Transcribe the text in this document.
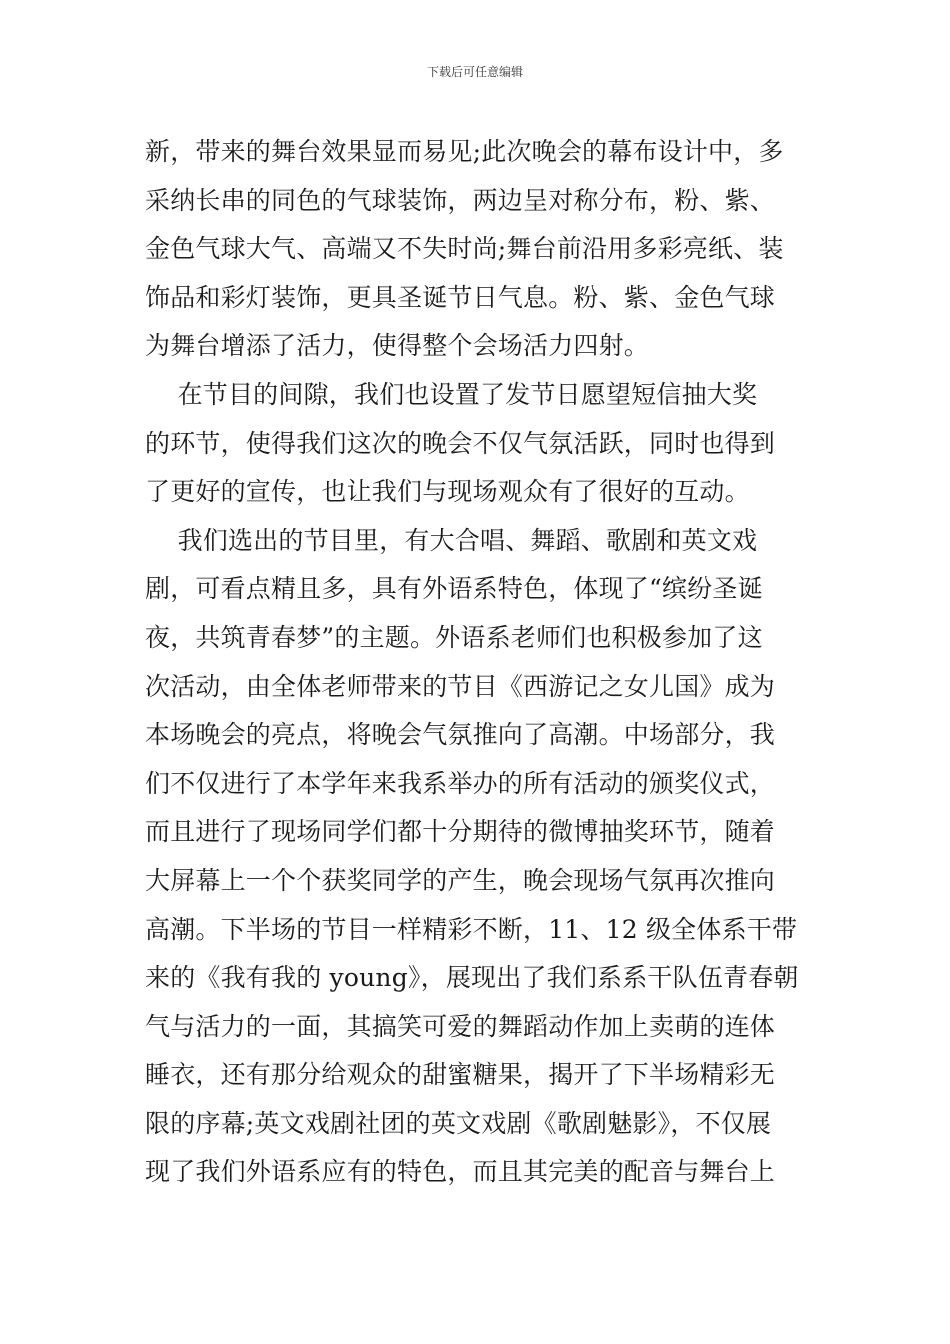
下载后可任意编辑
新，带来的舞台效果显而易见;此次晚会的幕布设计中，多
采纳长串的同色的气球装饰，两边呈对称分布，粉、紫、
金色气球大气、高端又不失时尚;舞台前沿用多彩亮纸、装
饰品和彩灯装饰，更具圣诞节日气息。粉、紫、金色气球
为舞台增添了活力，使得整个会场活力四射。
在节目的间隙，我们也设置了发节日愿望短信抽大奖
的环节，使得我们这次的晚会不仅气氛活跃，同时也得到
了更好的宣传，也让我们与现场观众有了很好的互动。
我们选出的节目里，有大合唱、舞蹈、歌剧和英文戏
剧，可看点精且多，具有外语系特色，体现了“缤纷圣诞
夜，共筑青春梦”的主题。外语系老师们也积极参加了这
次活动，由全体老师带来的节目《西游记之女儿国》成为
本场晚会的亮点，将晚会气氛推向了高潮。中场部分，我
们不仅进行了本学年来我系举办的所有活动的颁奖仪式，
而且进行了现场同学们都十分期待的微博抽奖环节，随着
大屏幕上一个个获奖同学的产生，晚会现场气氛再次推向
高潮。下半场的节目一样精彩不断，11、12 级全体系干带
来的《我有我的 young》，展现出了我们系系干队伍青春朝
气与活力的一面，其搞笑可爱的舞蹈动作加上卖萌的连体
睡衣，还有那分给观众的甜蜜糖果，揭开了下半场精彩无
限的序幕;英文戏剧社团的英文戏剧《歌剧魅影》，不仅展
现了我们外语系应有的特色，而且其完美的配音与舞台上
